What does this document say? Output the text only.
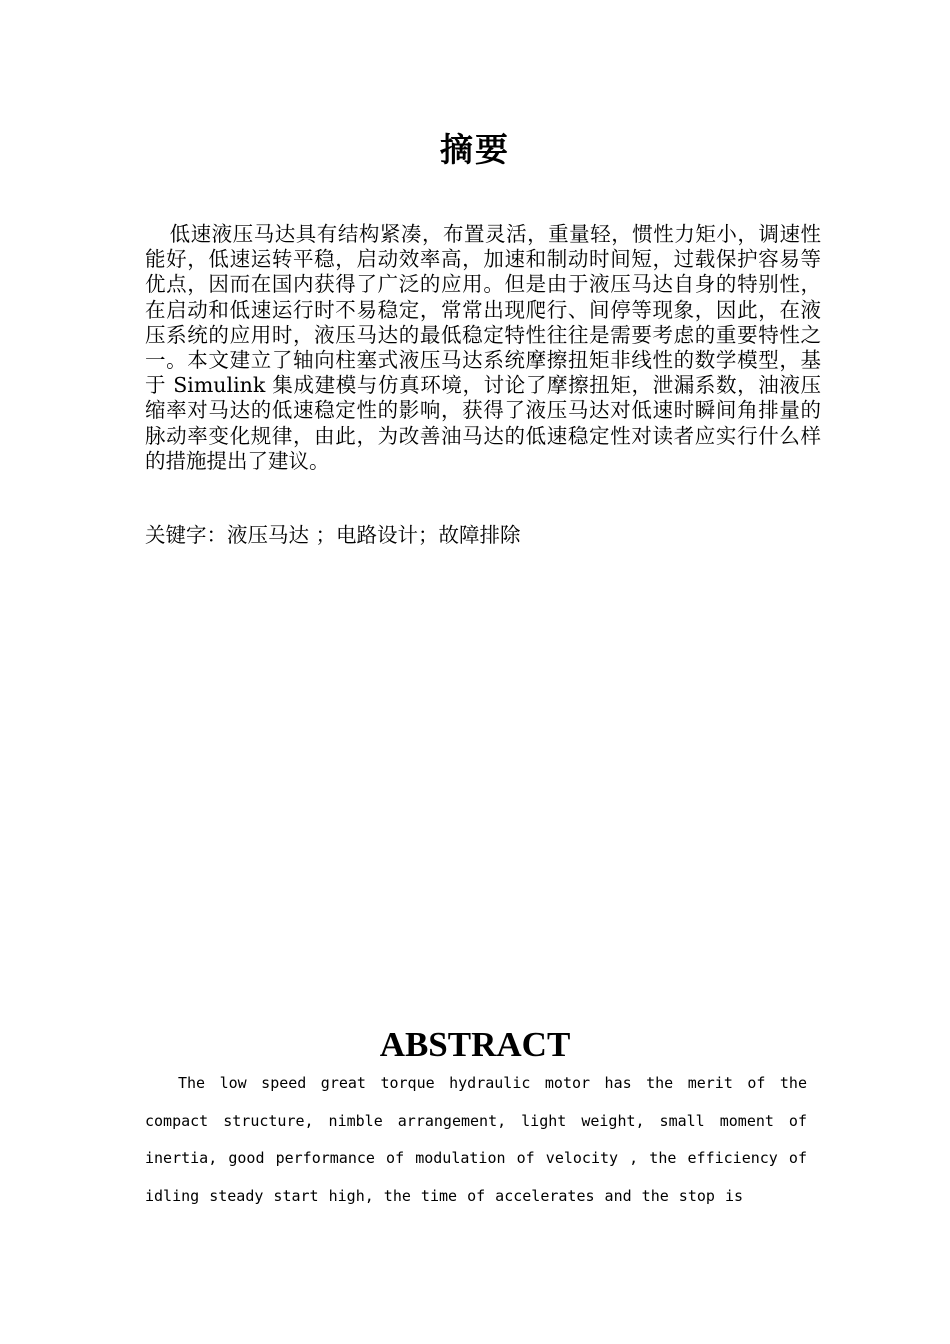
摘要

低速液压马达具有结构紧凑，布置灵活，重量轻，惯性力矩小，调速性能好，低速运转平稳，启动效率高，加速和制动时间短，过载保护容易等优点，因而在国内获得了广泛的应用。但是由于液压马达自身的特别性，在启动和低速运行时不易稳定，常常出现爬行、间停等现象，因此，在液压系统的应用时，液压马达的最低稳定特性往往是需要考虑的重要特性之一。本文建立了轴向柱塞式液压马达系统摩擦扭矩非线性的数学模型，基于 Simulink 集成建模与仿真环境，讨论了摩擦扭矩，泄漏系数，油液压缩率对马达的低速稳定性的影响，获得了液压马达对低速时瞬间角排量的脉动率变化规律，由此，为改善油马达的低速稳定性对读者应实行什么样的措施提出了建议。

关键字：液压马达 ；电路设计；故障排除

ABSTRACT

The low speed great torque hydraulic motor has the merit of the compact structure, nimble arrangement, light weight, small moment of inertia, good performance of modulation of velocity , the efficiency of idling steady start high, the time of accelerates and the stop is
